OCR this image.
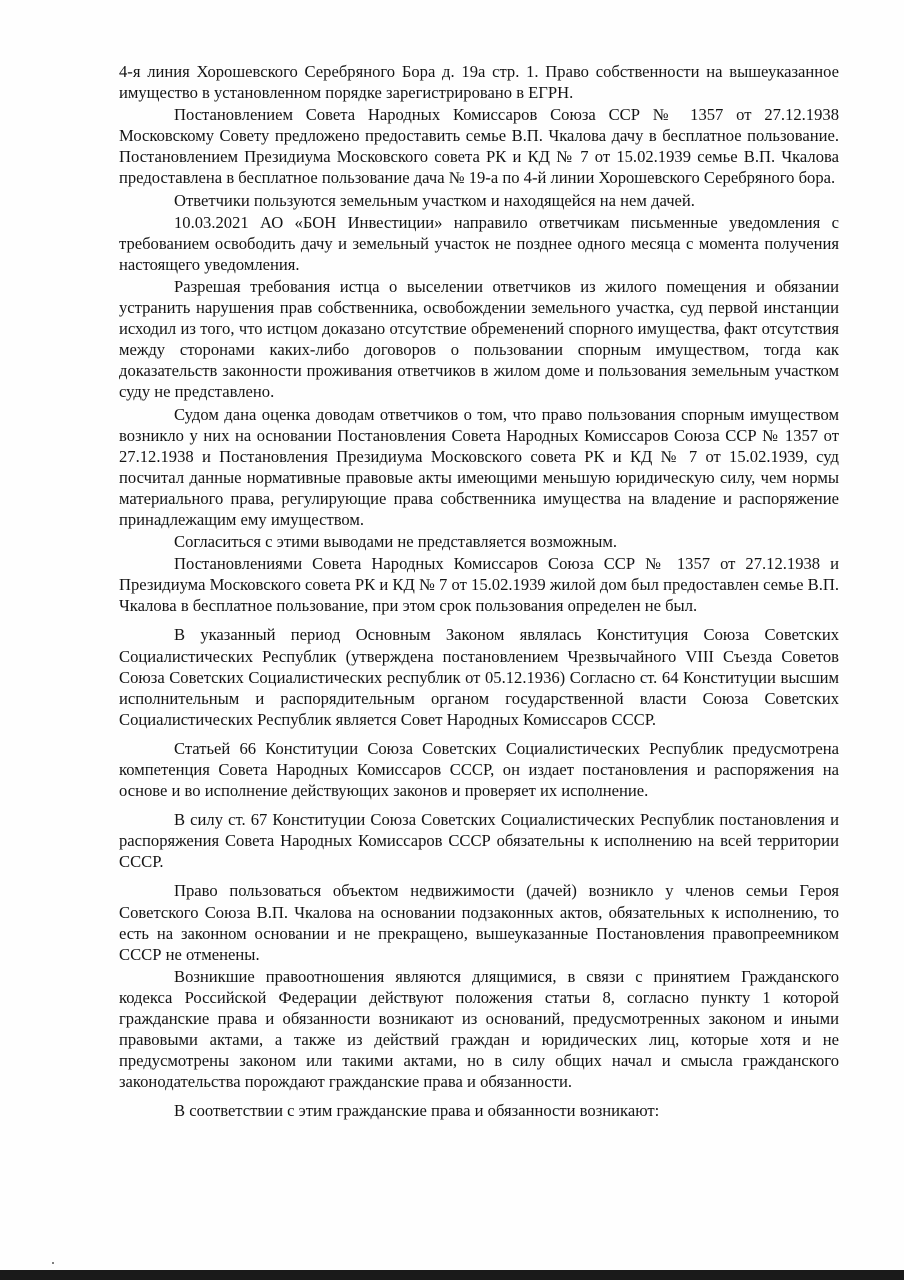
4-я линия Хорошевского Серебряного Бора д. 19а стр. 1. Право собственности на вышеуказанное имущество в установленном порядке зарегистрировано в ЕГРН.

Постановлением Совета Народных Комиссаров Союза ССР № 1357 от 27.12.1938 Московскому Совету предложено предоставить семье В.П. Чкалова дачу в бесплатное пользование. Постановлением Президиума Московского совета РК и КД № 7 от 15.02.1939 семье В.П. Чкалова предоставлена в бесплатное пользование дача № 19-а по 4-й линии Хорошевского Серебряного бора.

Ответчики пользуются земельным участком и находящейся на нем дачей.

10.03.2021 АО «БОН Инвестиции» направило ответчикам письменные уведомления с требованием освободить дачу и земельный участок не позднее одного месяца с момента получения настоящего уведомления.

Разрешая требования истца о выселении ответчиков из жилого помещения и обязании устранить нарушения прав собственника, освобождении земельного участка, суд первой инстанции исходил из того, что истцом доказано отсутствие обременений спорного имущества, факт отсутствия между сторонами каких-либо договоров о пользовании спорным имуществом, тогда как доказательств законности проживания ответчиков в жилом доме и пользования земельным участком суду не представлено.

Судом дана оценка доводам ответчиков о том, что право пользования спорным имуществом возникло у них на основании Постановления Совета Народных Комиссаров Союза ССР № 1357 от 27.12.1938 и Постановления Президиума Московского совета РК и КД № 7 от 15.02.1939, суд посчитал данные нормативные правовые акты имеющими меньшую юридическую силу, чем нормы материального права, регулирующие права собственника имущества на владение и распоряжение принадлежащим ему имуществом.

Согласиться с этими выводами не представляется возможным.

Постановлениями Совета Народных Комиссаров Союза ССР № 1357 от 27.12.1938 и Президиума Московского совета РК и КД № 7 от 15.02.1939 жилой дом был предоставлен семье В.П. Чкалова в бесплатное пользование, при этом срок пользования определен не был.

В указанный период Основным Законом являлась Конституция Союза Советских Социалистических Республик (утверждена постановлением Чрезвычайного VIII Съезда Советов Союза Советских Социалистических республик от 05.12.1936) Согласно ст. 64 Конституции высшим исполнительным и распорядительным органом государственной власти Союза Советских Социалистических Республик является Совет Народных Комиссаров СССР.

Статьей 66 Конституции Союза Советских Социалистических Республик предусмотрена компетенция Совета Народных Комиссаров СССР, он издает постановления и распоряжения на основе и во исполнение действующих законов и проверяет их исполнение.

В силу ст. 67 Конституции Союза Советских Социалистических Республик постановления и распоряжения Совета Народных Комиссаров СССР обязательны к исполнению на всей территории СССР.

Право пользоваться объектом недвижимости (дачей) возникло у членов семьи Героя Советского Союза В.П. Чкалова на основании подзаконных актов, обязательных к исполнению, то есть на законном основании и не прекращено, вышеуказанные Постановления правопреемником СССР не отменены.

Возникшие правоотношения являются длящимися, в связи с принятием Гражданского кодекса Российской Федерации действуют положения статьи 8, согласно пункту 1 которой гражданские права и обязанности возникают из оснований, предусмотренных законом и иными правовыми актами, а также из действий граждан и юридических лиц, которые хотя и не предусмотрены законом или такими актами, но в силу общих начал и смысла гражданского законодательства порождают гражданские права и обязанности.

В соответствии с этим гражданские права и обязанности возникают:
